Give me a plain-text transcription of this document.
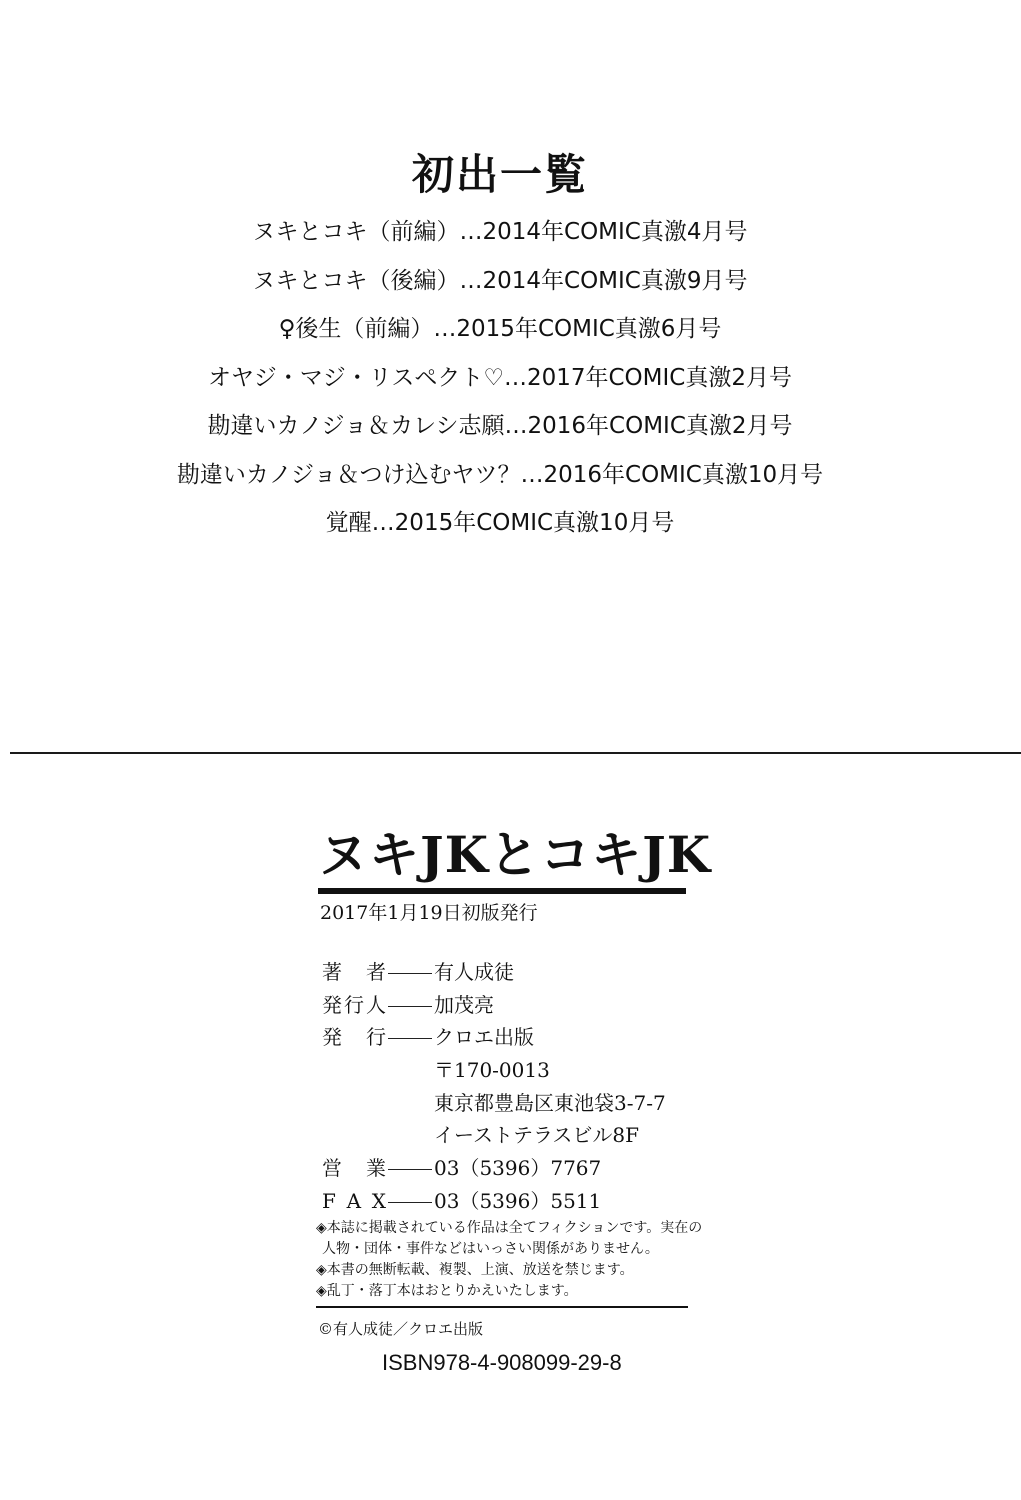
初出一覧
ヌキとコキ（前編）…2014年COMIC真激4月号
ヌキとコキ（後編）…2014年COMIC真激9月号
♀後生（前編）…2015年COMIC真激6月号
オヤジ・マジ・リスペクト♡…2017年COMIC真激2月号
勘違いカノジョ＆カレシ志願…2016年COMIC真激2月号
勘違いカノジョ＆つけ込むヤツ？…2016年COMIC真激10月号
覚醒…2015年COMIC真激10月号
ヌキJKとコキJK
2017年1月19日初版発行
著 者 有人成徒
発行人 加茂亮
発 行 クロエ出版
〒170-0013
東京都豊島区東池袋3-7-7
イーストテラスビル8F
営 業 03（5396）7767
F A X 03（5396）5511
◈本誌に掲載されている作品は全てフィクションです。実在の
人物・団体・事件などはいっさい関係がありません。
◈本書の無断転載、複製、上演、放送を禁じます。
◈乱丁・落丁本はおとりかえいたします。
©有人成徒／クロエ出版
ISBN978-4-908099-29-8
